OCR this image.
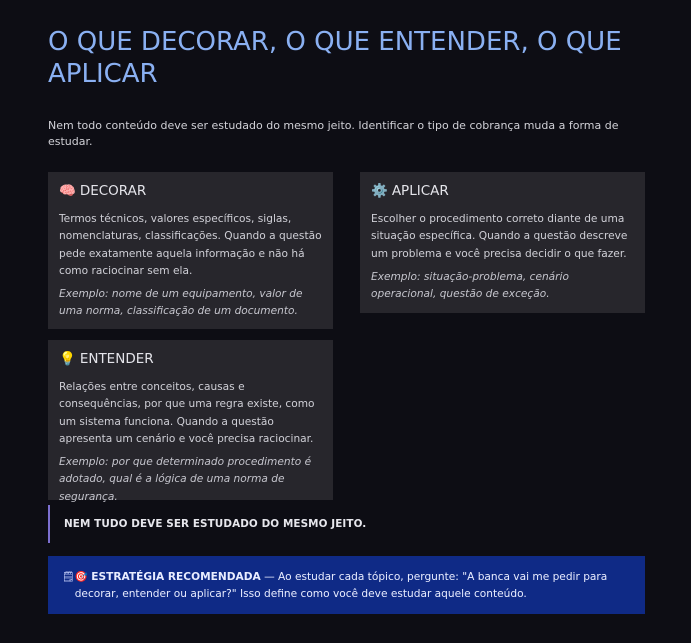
O QUE DECORAR, O QUE ENTENDER, O QUE APLICAR

Nem todo conteúdo deve ser estudado do mesmo jeito. Identificar o tipo de cobrança muda a forma de estudar.

🧠 DECORAR

Termos técnicos, valores específicos, siglas, nomenclaturas, classificações. Quando a questão pede exatamente aquela informação e não há como raciocinar sem ela.

Exemplo: nome de um equipamento, valor de uma norma, classificação de um documento.

⚙️ APLICAR

Escolher o procedimento correto diante de uma situação específica. Quando a questão descreve um problema e você precisa decidir o que fazer.

Exemplo: situação-problema, cenário operacional, questão de exceção.

💡 ENTENDER

Relações entre conceitos, causas e consequências, por que uma regra existe, como um sistema funciona. Quando a questão apresenta um cenário e você precisa raciocinar.

Exemplo: por que determinado procedimento é adotado, qual é a lógica de uma norma de segurança.

NEM TUDO DEVE SER ESTUDADO DO MESMO JEITO.
🗒 🎯 ESTRATÉGIA RECOMENDADA — Ao estudar cada tópico, pergunte: "A banca vai me pedir para decorar, entender ou aplicar?" Isso define como você deve estudar aquele conteúdo.
